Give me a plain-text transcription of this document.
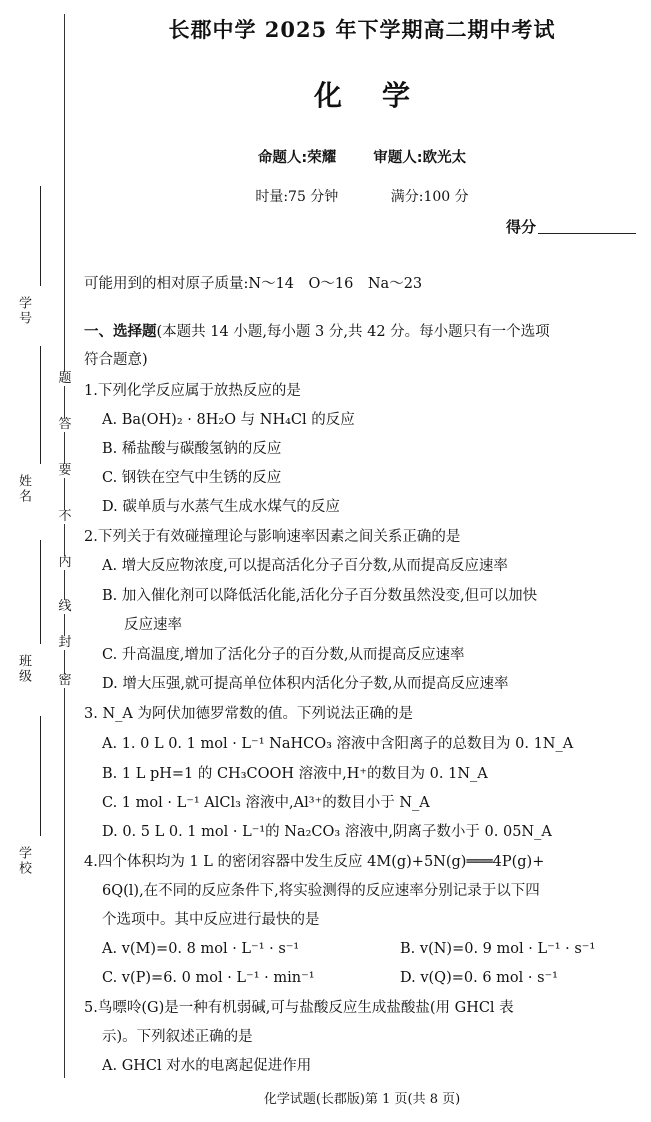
学号
姓名
班级
学校
题
答
要
不
内
线
封
密
长郡中学 2025 年下学期高二期中考试
化学
命题人:荣耀	审题人:欧光太
时量:75 分钟	满分:100 分
得分
可能用到的相对原子质量:N～14　O～16　Na～23
一、选择题(本题共 14 小题,每小题 3 分,共 42 分。每小题只有一个选项
符合题意)
1.下列化学反应属于放热反应的是
A. Ba(OH)₂ · 8H₂O 与 NH₄Cl 的反应
B. 稀盐酸与碳酸氢钠的反应
C. 钢铁在空气中生锈的反应
D. 碳单质与水蒸气生成水煤气的反应
2.下列关于有效碰撞理论与影响速率因素之间关系正确的是
A. 增大反应物浓度,可以提高活化分子百分数,从而提高反应速率
B. 加入催化剂可以降低活化能,活化分子百分数虽然没变,但可以加快
反应速率
C. 升高温度,增加了活化分子的百分数,从而提高反应速率
D. 增大压强,就可提高单位体积内活化分子数,从而提高反应速率
3. N_A 为阿伏加德罗常数的值。下列说法正确的是
A. 1. 0 L 0. 1 mol · L⁻¹ NaHCO₃ 溶液中含阳离子的总数目为 0. 1N_A
B. 1 L pH=1 的 CH₃COOH 溶液中,H⁺的数目为 0. 1N_A
C. 1 mol · L⁻¹ AlCl₃ 溶液中,Al³⁺的数目小于 N_A
D. 0. 5 L 0. 1 mol · L⁻¹的 Na₂CO₃ 溶液中,阴离子数小于 0. 05N_A
4.四个体积均为 1 L 的密闭容器中发生反应 4M(g)+5N(g)═══4P(g)+
6Q(l),在不同的反应条件下,将实验测得的反应速率分别记录于以下四
个选项中。其中反应进行最快的是
A. v(M)=0. 8 mol · L⁻¹ · s⁻¹	B. v(N)=0. 9 mol · L⁻¹ · s⁻¹
C. v(P)=6. 0 mol · L⁻¹ · min⁻¹	D. v(Q)=0. 6 mol · s⁻¹
5.鸟嘌呤(G)是一种有机弱碱,可与盐酸反应生成盐酸盐(用 GHCl 表
示)。下列叙述正确的是
A. GHCl 对水的电离起促进作用
化学试题(长郡版)第 1 页(共 8 页)
